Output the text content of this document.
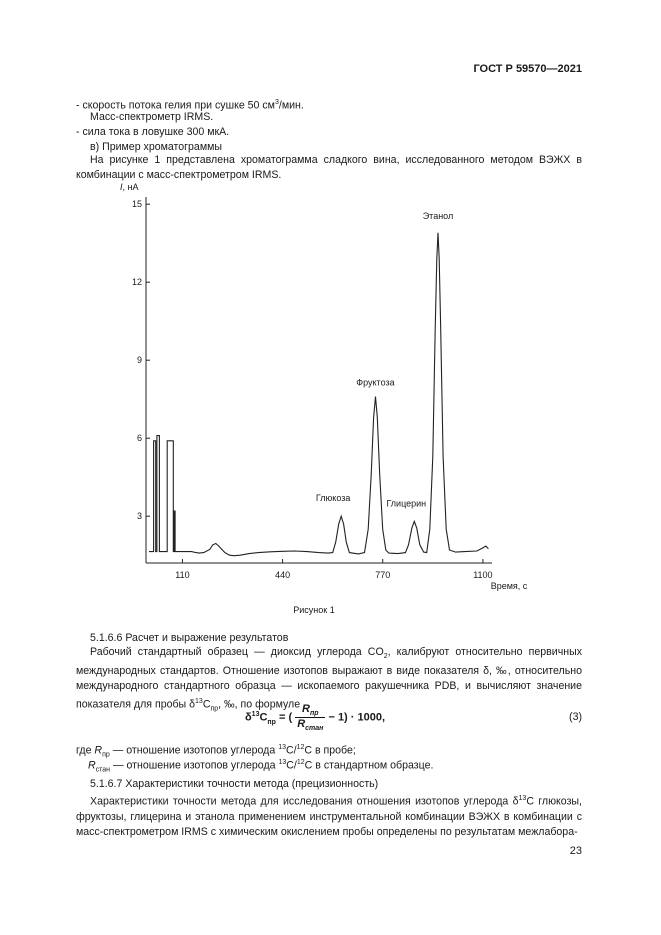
ГОСТ Р 59570—2021
- скорость потока гелия при сушке 50 $см^3$/мин.
Масс-спектрометр IRMS.
- сила тока в ловушке 300 мкА.
в) Пример хроматограммы
На рисунке 1 представлена хроматограмма сладкого вина, исследованного методом ВЭЖХ в комбинации с масс-спектрометром IRMS.
3
6
9
12
15
110	440	770	1100
Глюкоза
Фруктоза
Глицерин
Этанол
I, нА
Время, с
Рисунок 1
5.1.6.6 Расчет и выражение результатов
Рабочий стандартный образец — диоксид углерода $CO_2$, калибруют относительно первичных международных стандартов. Отношение изотопов выражают в виде показателя δ, ‰, относительно международного стандартного образца — ископаемого ракушечника PDB, и вычисляют значение показателя для пробы $\delta^{13}C_{пр}$, ‰, по формуле
$\delta^{13}C_{пр}$ = ( $\frac{R_{пр}}{R_{стан}} - 1) \cdot 1000$,	(3)
где $R_{пр}$ — отношение изотопов углерода $^{13}$C/$^{12}$C в пробе;
$R_{стан}$ — отношение изотопов углерода $^{13}$C/$^{12}$C в стандартном образце.
5.1.6.7 Характеристики точности метода (прецизионность)
Характеристики точности метода для исследования отношения изотопов углерода $\delta^{13}C$ глюкозы, фруктозы, глицерина и этанола применением инструментальной комбинации ВЭЖХ в комбинации с масс-спектрометром IRMS с химическим окислением пробы определены по результатам межлабора-
23
